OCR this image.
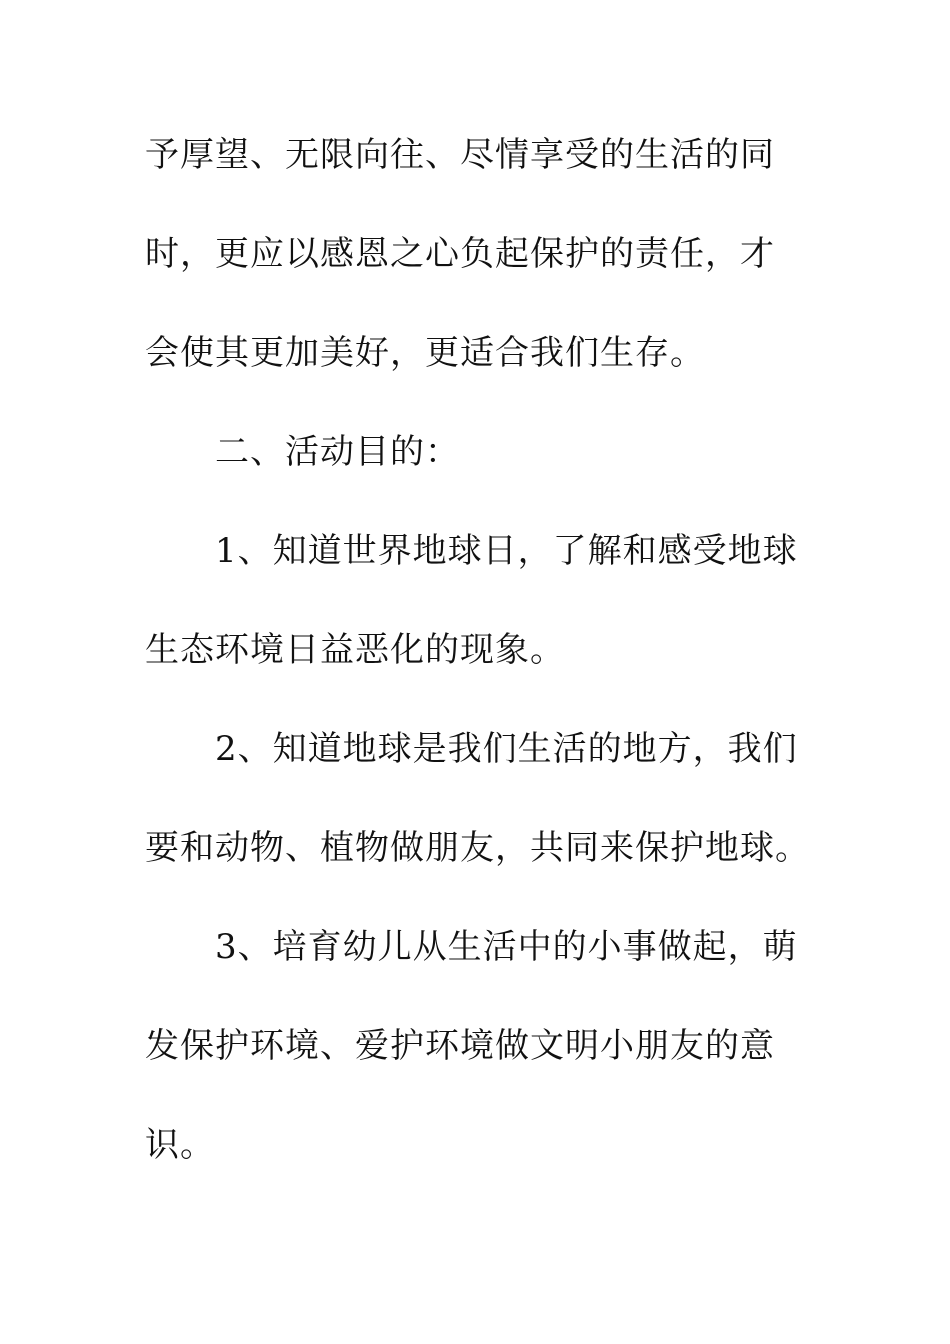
予厚望、无限向往、尽情享受的生活的同
时，更应以感恩之心负起保护的责任，才
会使其更加美好，更适合我们生存。
二、活动目的：
1、知道世界地球日，了解和感受地球
生态环境日益恶化的现象。
2、知道地球是我们生活的地方，我们
要和动物、植物做朋友，共同来保护地球。
3、培育幼儿从生活中的小事做起，萌
发保护环境、爱护环境做文明小朋友的意
识。
